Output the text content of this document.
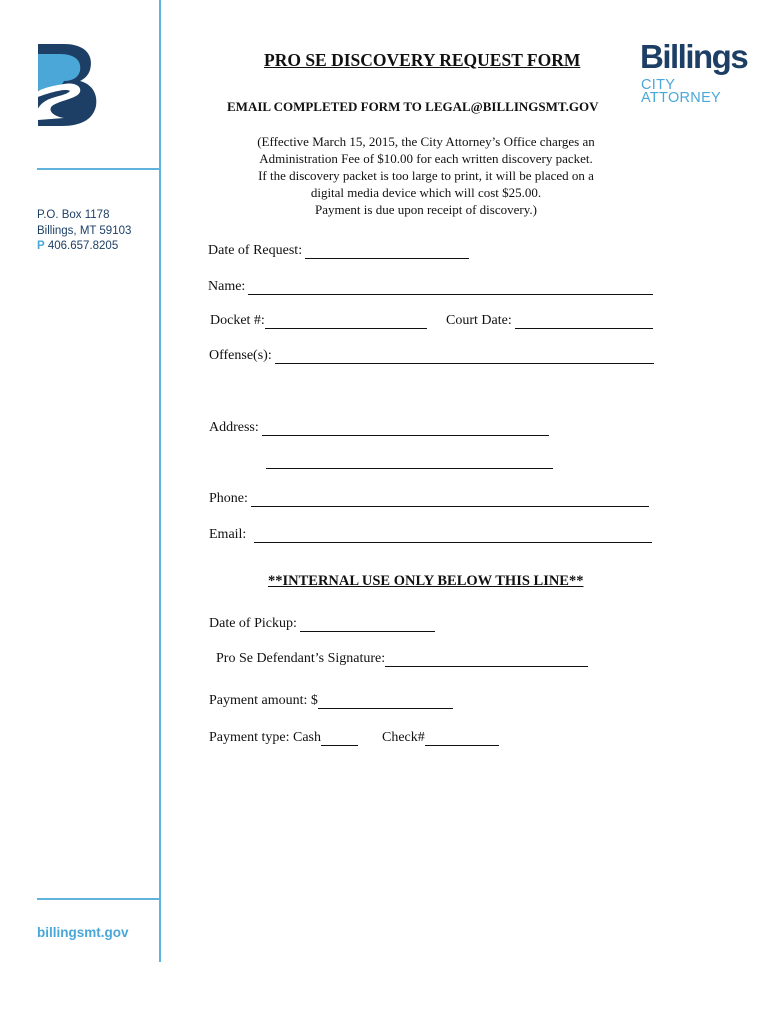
P.O. Box 1178
Billings, MT 59103
P 406.657.8205
billingsmt.gov
Billings
CITY
ATTORNEY
PRO SE DISCOVERY REQUEST FORM
EMAIL COMPLETED FORM TO LEGAL@BILLINGSMT.GOV
(Effective March 15, 2015, the City Attorney’s Office charges an
Administration Fee of $10.00 for each written discovery packet.
If the discovery packet is too large to print, it will be placed on a
digital media device which will cost $25.00.
Payment is due upon receipt of discovery.)
Date of Request:
Name:
Docket #:	Court Date:
Offense(s):
Address:
Phone:
Email:
**INTERNAL USE ONLY BELOW THIS LINE**
Date of Pickup:
Pro Se Defendant’s Signature:
Payment amount: $
Payment type: Cash	Check#
